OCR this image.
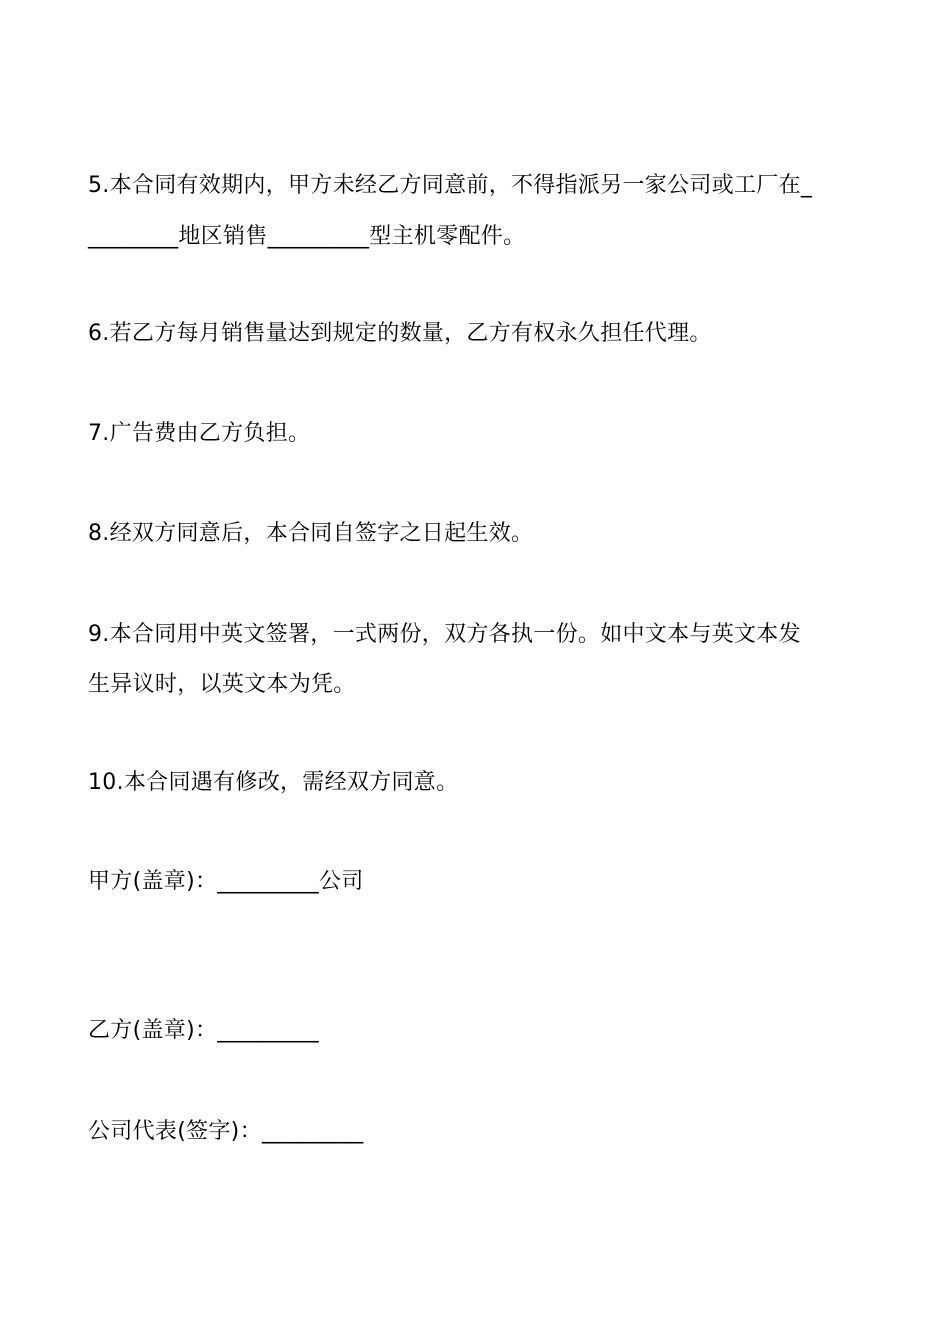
5.本合同有效期内，甲方未经乙方同意前，不得指派另一家公司或工厂在_
________地区销售_________型主机零配件。
6.若乙方每月销售量达到规定的数量，乙方有权永久担任代理。
7.广告费由乙方负担。
8.经双方同意后，本合同自签字之日起生效。
9.本合同用中英文签署，一式两份，双方各执一份。如中文本与英文本发
生异议时，以英文本为凭。
10.本合同遇有修改，需经双方同意。
甲方(盖章)：_________公司
乙方(盖章)：_________
公司代表(签字)：_________
